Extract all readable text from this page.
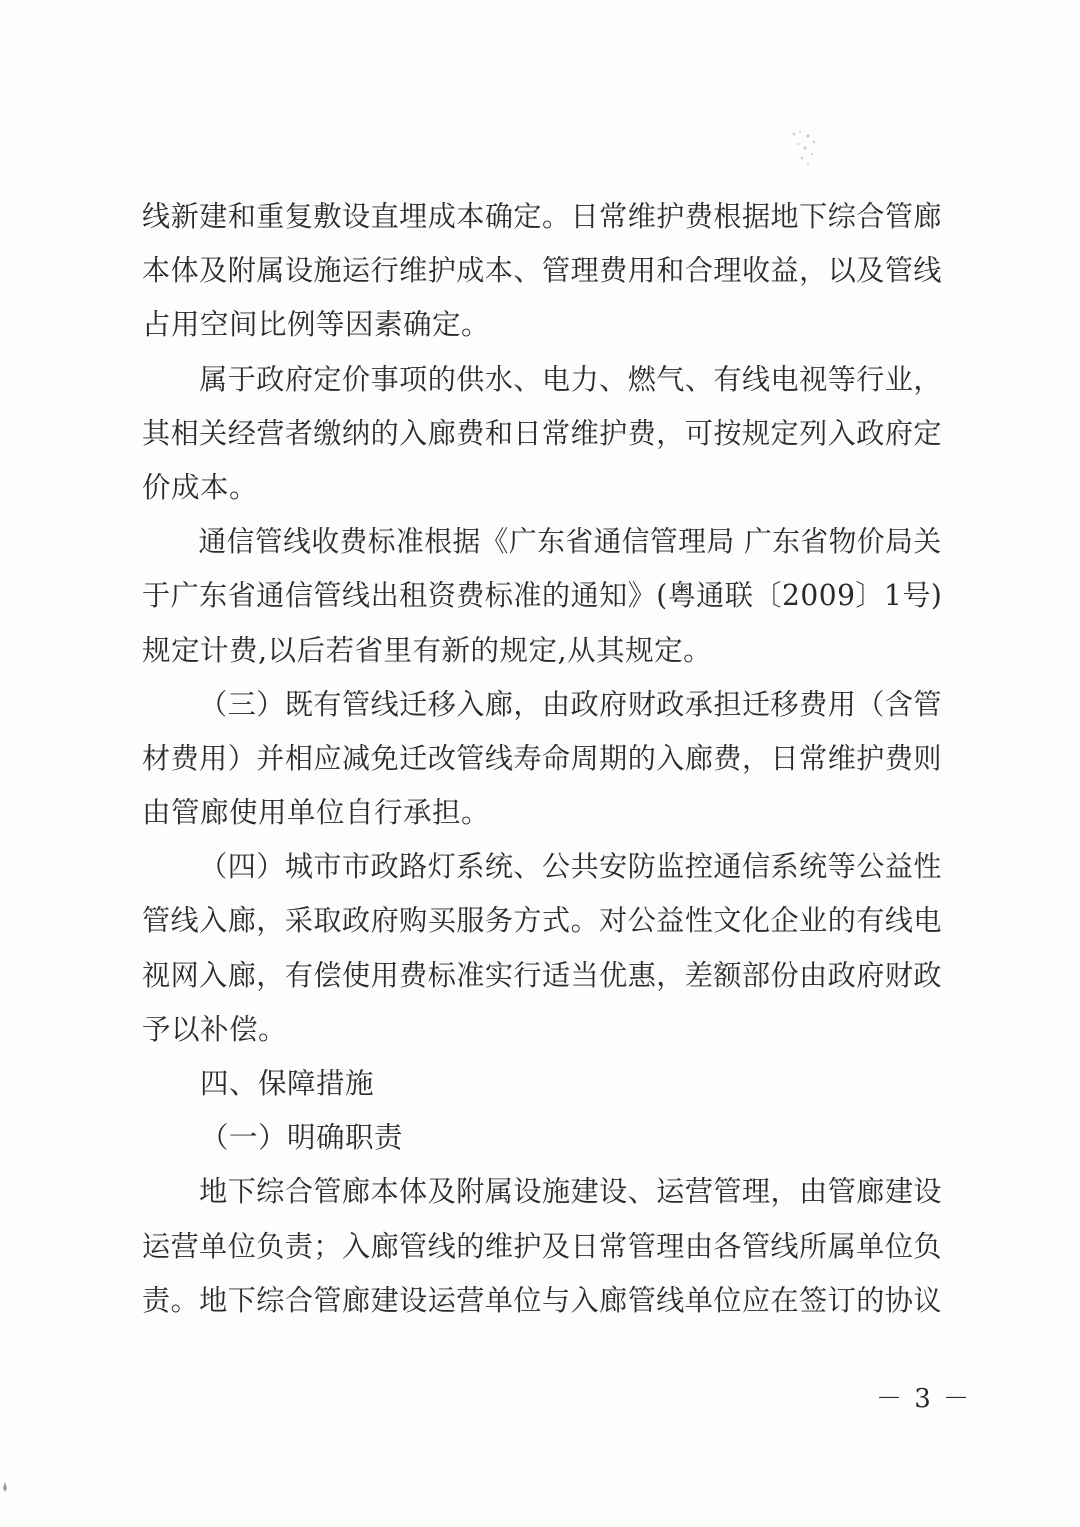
线新建和重复敷设直埋成本确定。日常维护费根据地下综合管廊
本体及附属设施运行维护成本、管理费用和合理收益，以及管线
占用空间比例等因素确定。
属于政府定价事项的供水、电力、燃气、有线电视等行业，
其相关经营者缴纳的入廊费和日常维护费，可按规定列入政府定
价成本。
通信管线收费标准根据《广东省通信管理局 广东省物价局关
于广东省通信管线出租资费标准的通知》(粤通联〔2009〕1号)
规定计费,以后若省里有新的规定,从其规定。
（三）既有管线迁移入廊，由政府财政承担迁移费用（含管
材费用）并相应减免迁改管线寿命周期的入廊费，日常维护费则
由管廊使用单位自行承担。
（四）城市市政路灯系统、公共安防监控通信系统等公益性
管线入廊，采取政府购买服务方式。对公益性文化企业的有线电
视网入廊，有偿使用费标准实行适当优惠，差额部份由政府财政
予以补偿。
四、保障措施
（一）明确职责
地下综合管廊本体及附属设施建设、运营管理，由管廊建设
运营单位负责；入廊管线的维护及日常管理由各管线所属单位负
责。地下综合管廊建设运营单位与入廊管线单位应在签订的协议
－ 3 －
